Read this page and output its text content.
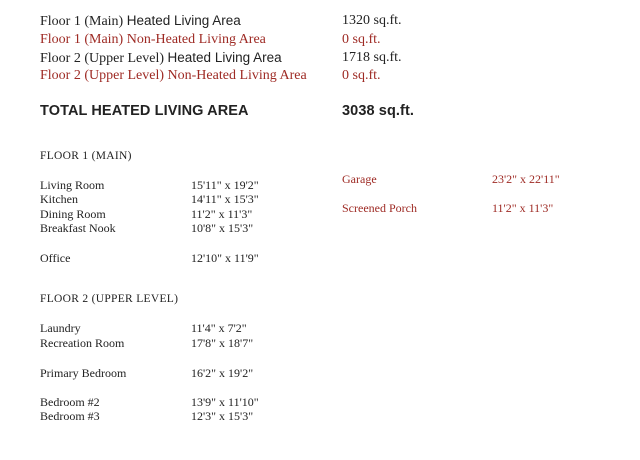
Floor 1 (Main) Heated Living Area	1320 sq.ft.
Floor 1 (Main) Non-Heated Living Area	0 sq.ft.
Floor 2 (Upper Level) Heated Living Area	1718 sq.ft.
Floor 2 (Upper Level) Non-Heated Living Area	0 sq.ft.
TOTAL HEATED LIVING AREA	3038 sq.ft.
FLOOR 1 (MAIN)
Living Room	15'11" x 19'2"
Kitchen	14'11" x 15'3"
Dining Room	11'2" x 11'3"
Breakfast Nook	10'8" x 15'3"
Office	12'10" x 11'9"
Garage	23'2" x 22'11"
Screened Porch	11'2" x 11'3"
FLOOR 2 (UPPER LEVEL)
Laundry	11'4" x 7'2"
Recreation Room	17'8" x 18'7"
Primary Bedroom	16'2" x 19'2"
Bedroom #2	13'9" x 11'10"
Bedroom #3	12'3" x 15'3"
